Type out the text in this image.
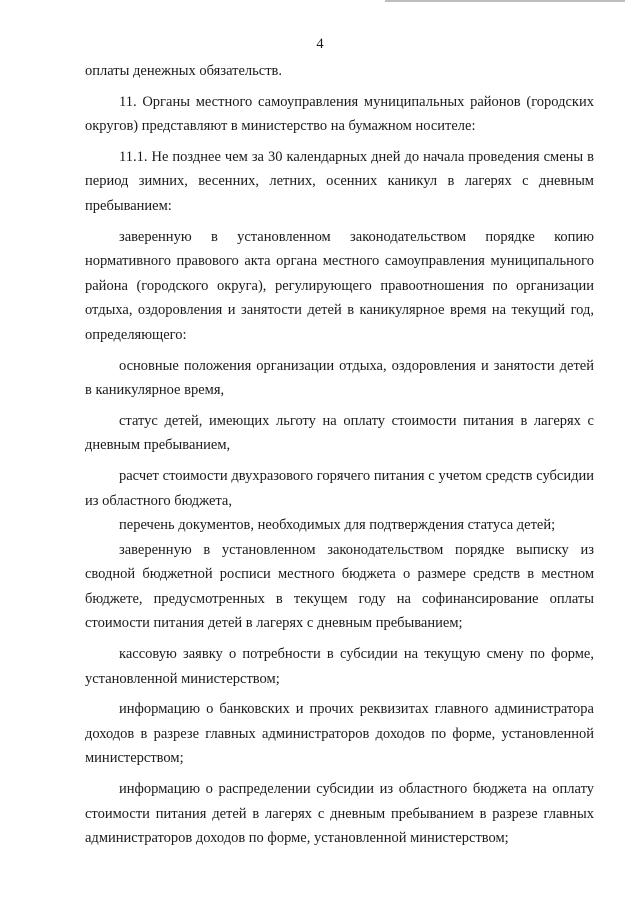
4

оплаты денежных обязательств.

11. Органы местного самоуправления муниципальных районов (городских округов) представляют в министерство на бумажном носителе:

11.1. Не позднее чем за 30 календарных дней до начала проведения смены в период зимних, весенних, летних, осенних каникул в лагерях с дневным пребыванием:

заверенную в установленном законодательством порядке копию нормативного правового акта органа местного самоуправления муниципального района (городского округа), регулирующего правоотношения по организации отдыха, оздоровления и занятости детей в каникулярное время на текущий год, определяющего:

основные положения организации отдыха, оздоровления и занятости детей в каникулярное время,

статус детей, имеющих льготу на оплату стоимости питания в лагерях с дневным пребыванием,

расчет стоимости двухразового горячего питания с учетом средств субсидии из областного бюджета,

перечень документов, необходимых для подтверждения статуса детей;

заверенную в установленном законодательством порядке выписку из сводной бюджетной росписи местного бюджета о размере средств в местном бюджете, предусмотренных в текущем году на софинансирование оплаты стоимости питания детей в лагерях с дневным пребыванием;

кассовую заявку о потребности в субсидии на текущую смену по форме, установленной министерством;

информацию о банковских и прочих реквизитах главного администратора доходов в разрезе главных администраторов доходов по форме, установленной министерством;

информацию о распределении субсидии из областного бюджета на оплату стоимости питания детей в лагерях с дневным пребыванием в разрезе главных администраторов доходов по форме, установленной министерством;
